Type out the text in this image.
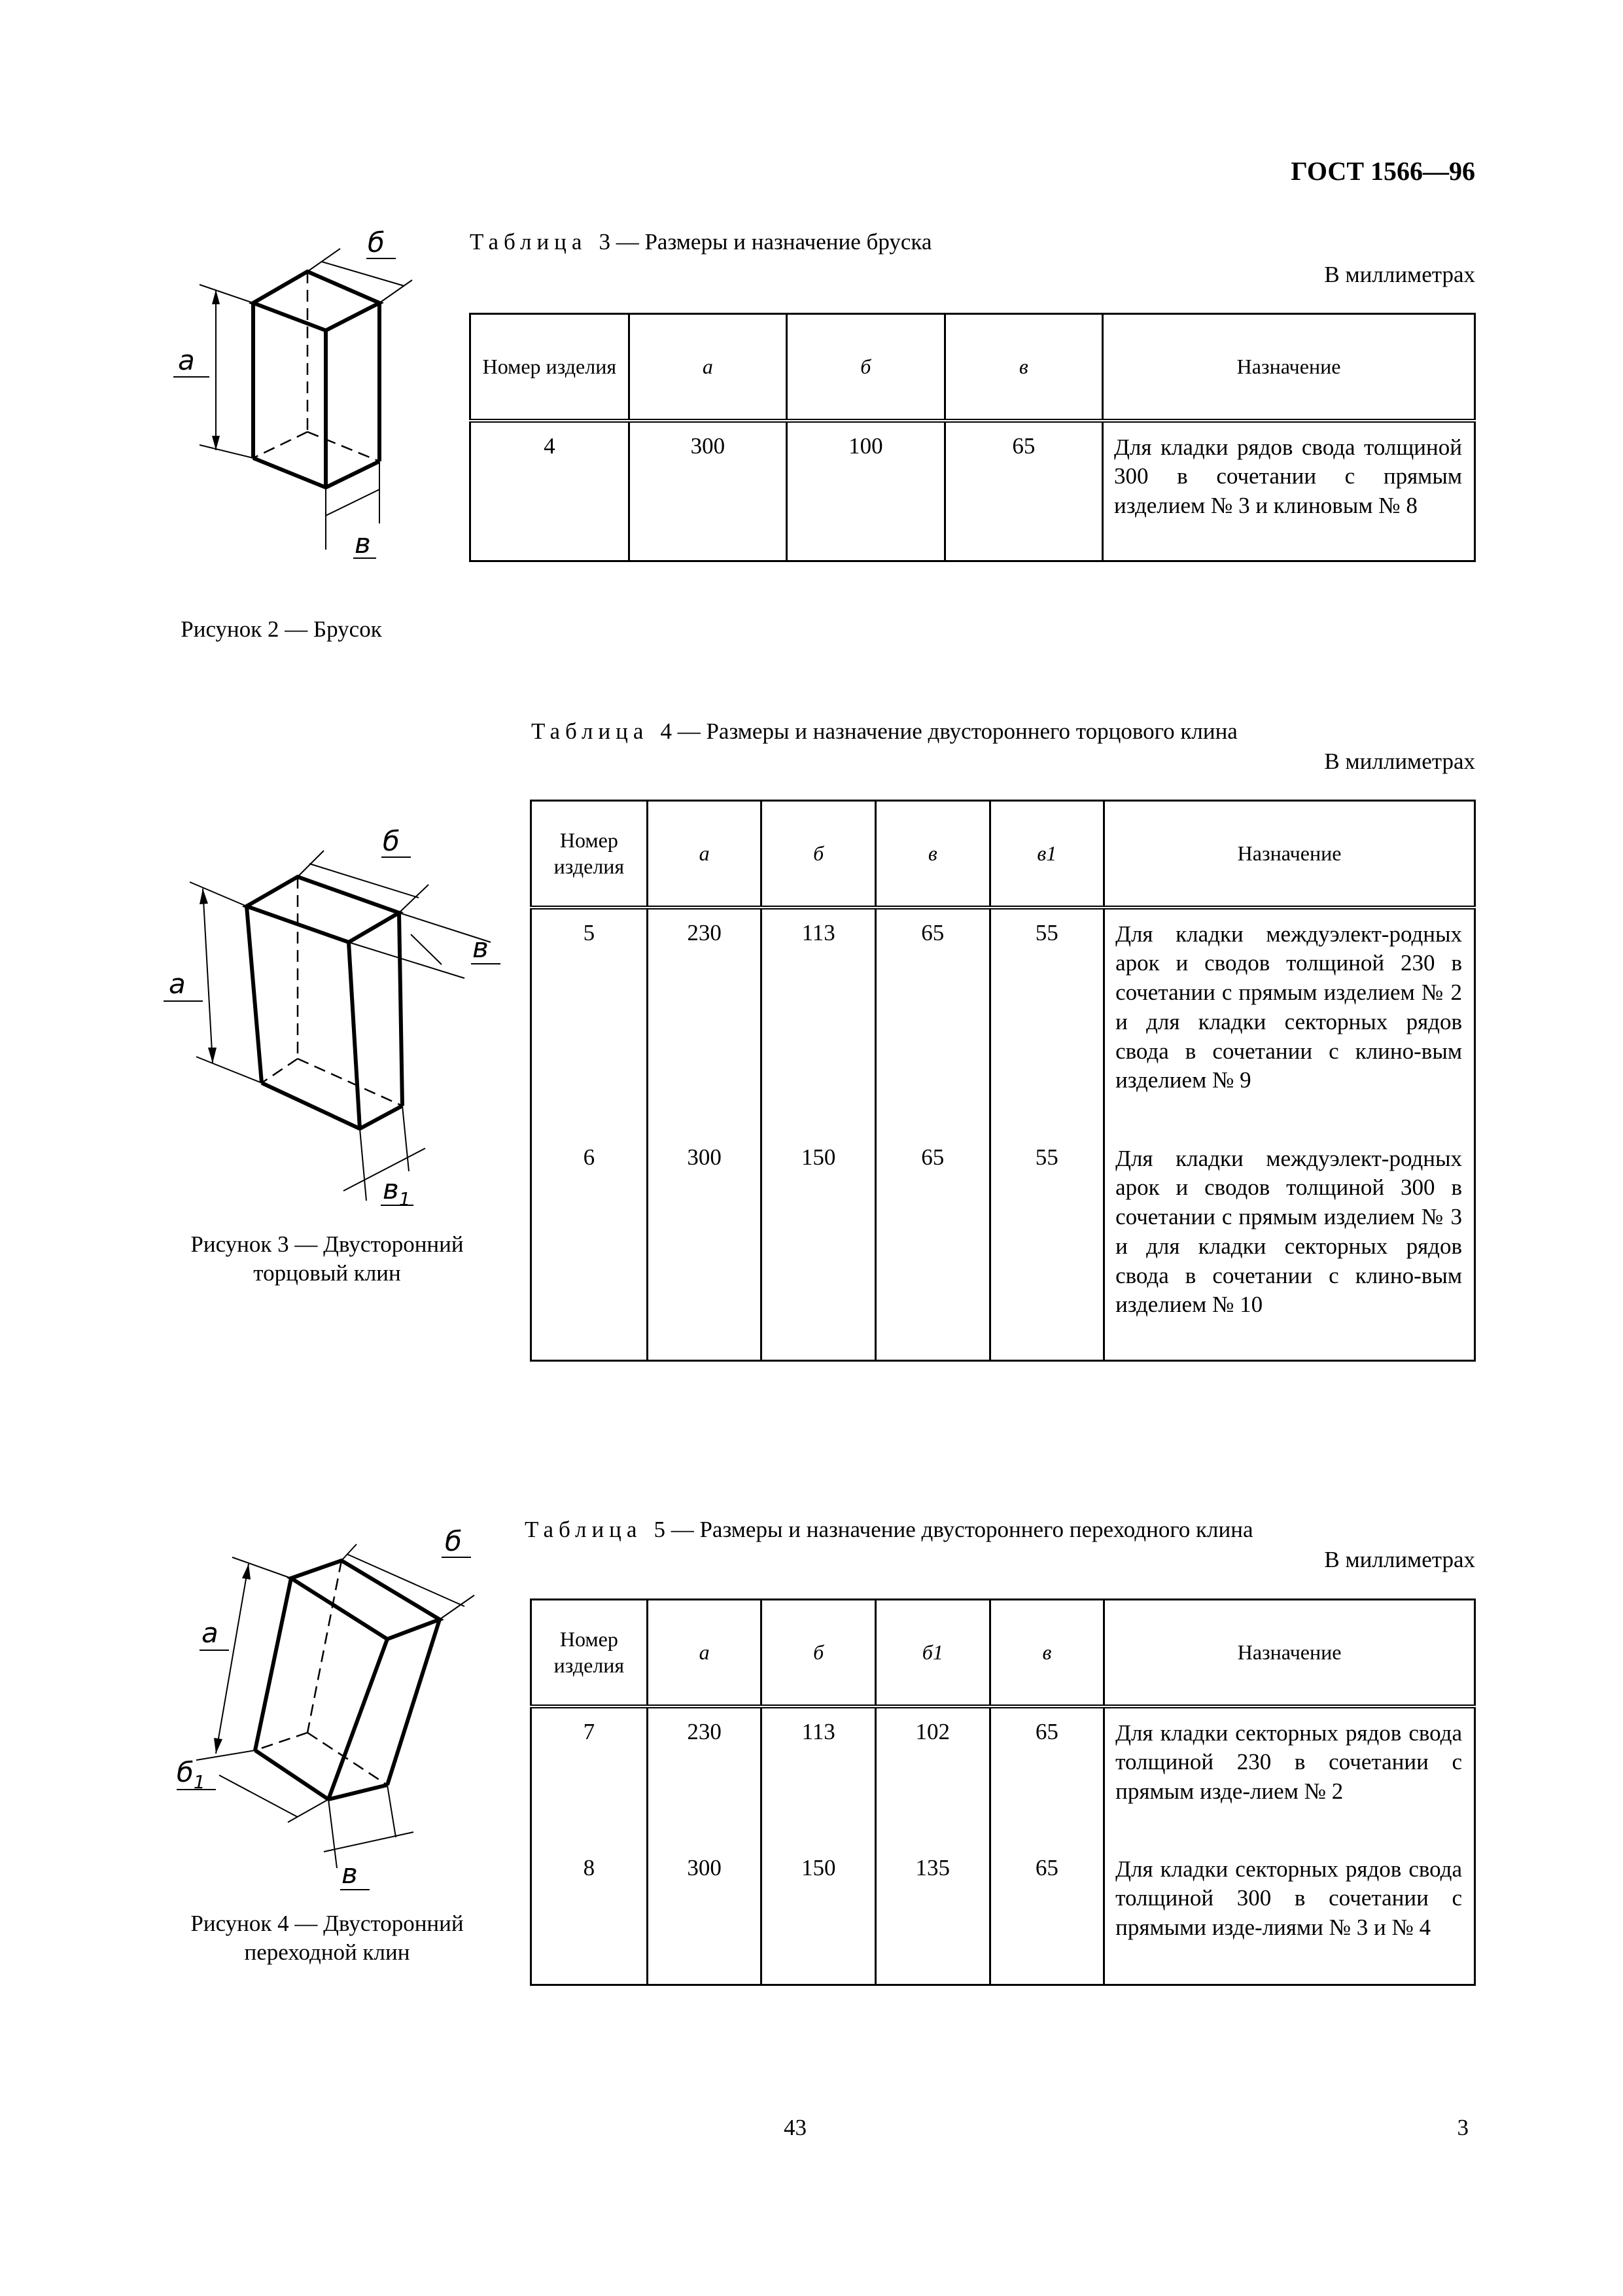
ГОСТ 1566—96
Таблица 3 — Размеры и назначение бруска
В миллиметрах
Номер изделия	а	б	в	Назначение
4	300	100	65	Для кладки рядов свода толщиной 300 в сочетании с прямым изделием № 3 и клиновым № 8
а
б
в
Рисунок 2 — Брусок
Таблица 4 — Размеры и назначение двустороннего торцового клина
В миллиметрах
Номер изделия	а	б	в	в1	Назначение
5	230	113	65	55	Для кладки междуэлект-родных арок и сводов толщиной 230 в сочетании с прямым изделием № 2 и для кладки секторных рядов свода в сочетании с клино-вым изделием № 9
6	300	150	65	55	Для кладки междуэлект-родных арок и сводов толщиной 300 в сочетании с прямым изделием № 3 и для кладки секторных рядов свода в сочетании с клино-вым изделием № 10
а
б
в
$в_1$
Рисунок 3 — Двусторонний
торцовый клин
Таблица 5 — Размеры и назначение двустороннего переходного клина
В миллиметрах
Номер изделия	а	б	б1	в	Назначение
7	230	113	102	65	Для кладки секторных рядов свода толщиной 230 в сочетании с прямым изде-лием № 2
8	300	150	135	65	Для кладки секторных рядов свода толщиной 300 в сочетании с прямыми изде-лиями № 3 и № 4
а
б
$б_1$
в
Рисунок 4 — Двусторонний
переходной клин
43	3
